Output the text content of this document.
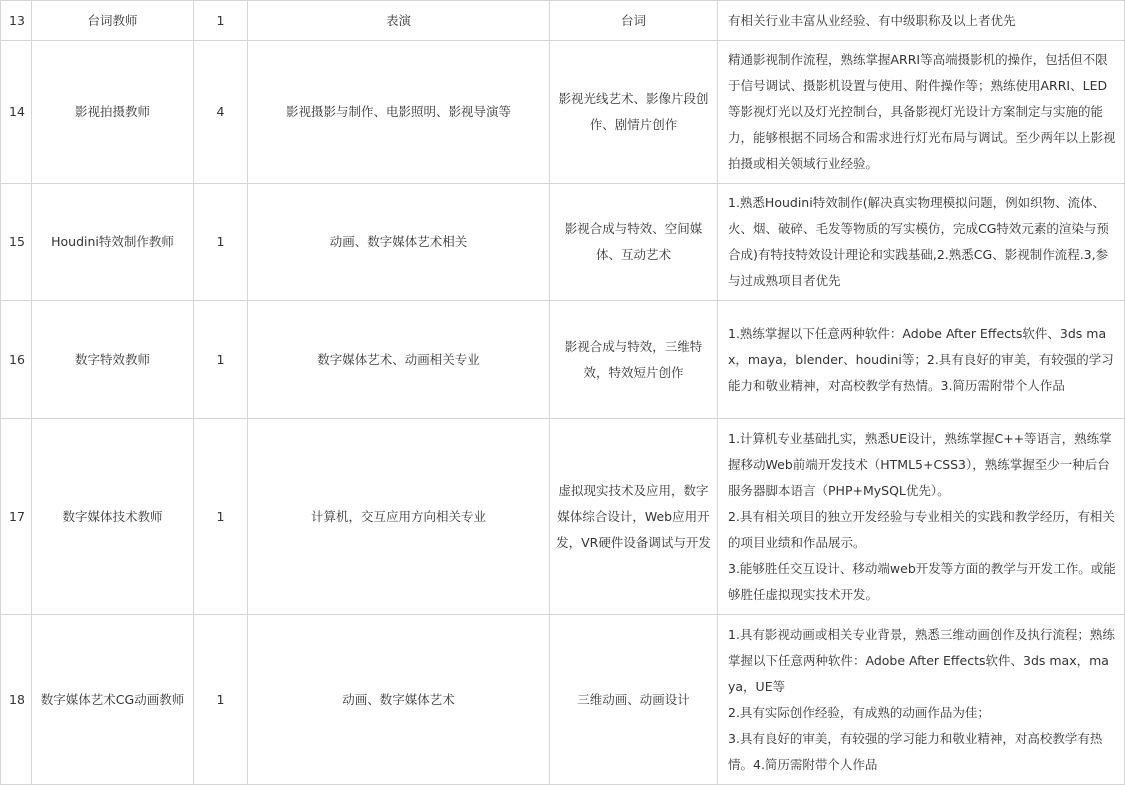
13	台词教师	1	表演	台词	有相关行业丰富从业经验、有中级职称及以上者优先

14	影视拍摄教师	4	影视摄影与制作、电影照明、影视导演等	影视光线艺术、影像片段创作、剧情片创作	精通影视制作流程，熟练掌握ARRI等高端摄影机的操作，包括但不限于信号调试、摄影机设置与使用、附件操作等；熟练使用ARRI、LED等影视灯光以及灯光控制台，具备影视灯光设计方案制定与实施的能力，能够根据不同场合和需求进行灯光布局与调试。至少两年以上影视拍摄或相关领域行业经验。

15	Houdini特效制作教师	1	动画、数字媒体艺术相关	影视合成与特效、空间媒体、互动艺术	1.熟悉Houdini特效制作(解决真实物理模拟问题，例如织物、流体、火、烟、破碎、毛发等物质的写实模仿，完成CG特效元素的渲染与预合成)有特技特效设计理论和实践基础,2.熟悉CG、影视制作流程.3,参与过成熟项目者优先

16	数字特效教师	1	数字媒体艺术、动画相关专业	影视合成与特效，三维特效，特效短片创作	1.熟练掌握以下任意两种软件：Adobe After Effects软件、3ds max，maya，blender、houdini等；2.具有良好的审美，有较强的学习能力和敬业精神，对高校教学有热情。3.简历需附带个人作品

17	数字媒体技术教师	1	计算机，交互应用方向相关专业	虚拟现实技术及应用，数字媒体综合设计，Web应用开发，VR硬件设备调试与开发	1.计算机专业基础扎实，熟悉UE设计，熟练掌握C++等语言，熟练掌握移动Web前端开发技术（HTML5+CSS3），熟练掌握至少一种后台服务器脚本语言（PHP+MySQL优先）。
2.具有相关项目的独立开发经验与专业相关的实践和教学经历，有相关的项目业绩和作品展示。
3.能够胜任交互设计、移动端web开发等方面的教学与开发工作。或能够胜任虚拟现实技术开发。

18	数字媒体艺术CG动画教师	1	动画、数字媒体艺术	三维动画、动画设计	1.具有影视动画或相关专业背景，熟悉三维动画创作及执行流程；熟练掌握以下任意两种软件：Adobe After Effects软件、3ds max，maya，UE等
2.具有实际创作经验，有成熟的动画作品为佳；
3.具有良好的审美，有较强的学习能力和敬业精神，对高校教学有热情。4.简历需附带个人作品
